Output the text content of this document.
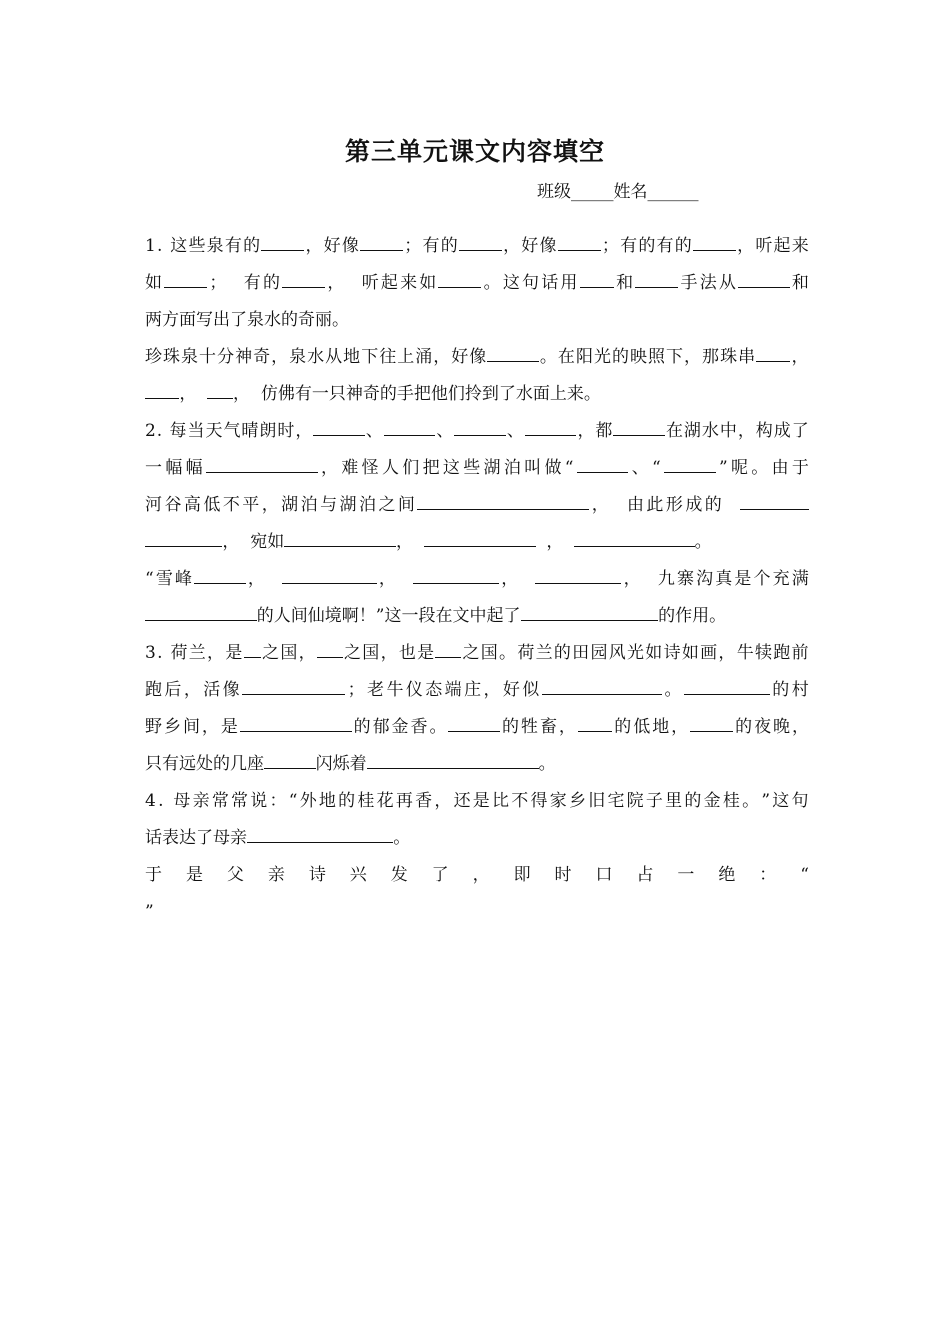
第三单元课文内容填空
班级_____姓名______
1 .
这 些 泉 有 的	， 好 像	； 有 的	， 好 像	； 有 的 有 的	， 听 起 来
如	；

有 的	，

听 起 来 如	。 这 句 话 用 和	手 法 从	和
两 方 面 写 出 了 泉 水 的 奇 丽 。
珍 珠 泉 十 分 神 奇 ， 泉 水 从 地 下 往 上 涌 ， 好 像	。 在 阳 光 的 映 照 下 ， 那 珠 串 ，
，

，

仿 佛 有 一 只 神 奇 的 手 把 他 们 拎 到 了 水 面 上 来 。
2 .
每 当 天 气 晴 朗 时 ，	、	、	、	， 都	在 湖 水 中 ， 构 成 了
一 幅 幅	， 难 怪 人 们 把 这 些 湖 泊 叫 做 “	、 “	” 呢 。 由 于
河 谷 高 低 不 平 ， 湖 泊 与 湖 泊 之 间	，

由 此 形 成 的

，

宛 如	，

	，

	。
“ 雪 峰	，

	，

	，

	，

九 寨 沟 真 是 个 充 满
的 人 间 仙 境 啊 ！ ” 这 一 段 在 文 中 起 了	的 作 用 。
3 .
荷 兰 ， 是 之 国 ， 之 国 ， 也 是 之 国 。 荷 兰 的 田 园 风 光 如 诗 如 画 ， 牛 犊 跑 前
跑 后 ， 活 像	； 老 牛 仪 态 端 庄 ， 好 似	。	的 村
野 乡 间 ， 是	的 郁 金 香 。	的 牲 畜 ， 的 低 地 ，	的 夜 晚 ，
只 有 远 处 的 几 座	闪 烁 着	。
4 .
母 亲 常 常 说 ： “ 外 地 的 桂 花 再 香 ， 还 是 比 不 得 家 乡 旧 宅 院 子 里 的 金 桂 。 ” 这 句
话 表 达 了 母 亲	。
于 是 父 亲 诗 兴 发 了 ， 即 时 口 占 一 绝 ： “
”
